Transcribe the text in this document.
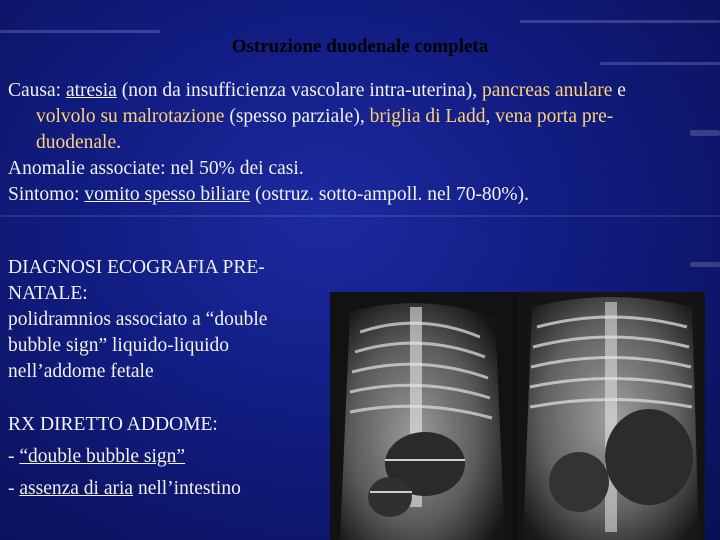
Ostruzione duodenale completa

Causa: atresia (non da insufficienza vascolare intra-uterina), pancreas anulare e volvolo su malrotazione (spesso parziale), briglia di Ladd, vena porta pre-duodenale.

Anomalie associate: nel 50% dei casi.

Sintomo: vomito spesso biliare (ostruz. sotto-ampoll. nel 70-80%).

DIAGNOSI ECOGRAFIA PRE-NATALE:

polidramnios associato a “double

bubble sign” liquido-liquido

nell’addome fetale

RX DIRETTO ADDOME:

- “double bubble sign”

- assenza di aria nell’intestino
